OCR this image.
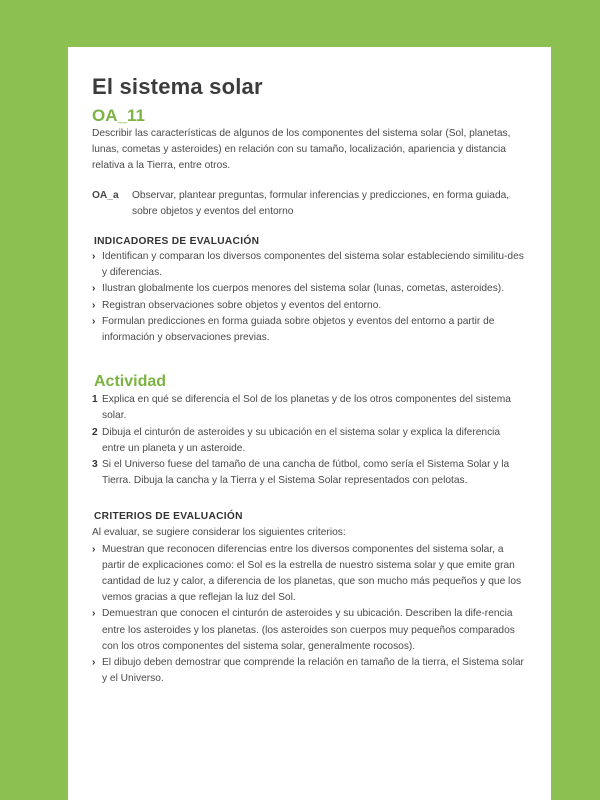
El sistema solar
OA_11

Describir las características de algunos de los componentes del sistema solar (Sol, planetas, lunas, cometas y asteroides) en relación con su tamaño, localización, apariencia y distancia relativa a la Tierra, entre otros.

OA_a	Observar, plantear preguntas, formular inferencias y predicciones, en forma guiada, sobre objetos y eventos del entorno
INDICADORES DE EVALUACIÓN
› Identifican y comparan los diversos componentes del sistema solar estableciendo similitu-des y diferencias.
› Ilustran globalmente los cuerpos menores del sistema solar (lunas, cometas, asteroides).
› Registran observaciones sobre objetos y eventos del entorno.
› Formulan predicciones en forma guiada sobre objetos y eventos del entorno a partir de información y observaciones previas.
Actividad
1 Explica en qué se diferencia el Sol de los planetas y de los otros componentes del sistema solar.
2 Dibuja el cinturón de asteroides y su ubicación en el sistema solar y explica la diferencia entre un planeta y un asteroide.
3 Si el Universo fuese del tamaño de una cancha de fútbol, como sería el Sistema Solar y la Tierra. Dibuja la cancha y la Tierra y el Sistema Solar representados con pelotas.
CRITERIOS DE EVALUACIÓN

Al evaluar, se sugiere considerar los siguientes criterios:

› Muestran que reconocen diferencias entre los diversos componentes del sistema solar, a partir de explicaciones como: el Sol es la estrella de nuestro sistema solar y que emite gran cantidad de luz y calor, a diferencia de los planetas, que son mucho más pequeños y que los vemos gracias a que reflejan la luz del Sol.
› Demuestran que conocen el cinturón de asteroides y su ubicación. Describen la dife-rencia entre los asteroides y los planetas. (los asteroides son cuerpos muy pequeños comparados con los otros componentes del sistema solar, generalmente rocosos).
› El dibujo deben demostrar que comprende la relación en tamaño de la tierra, el Sistema solar y el Universo.
